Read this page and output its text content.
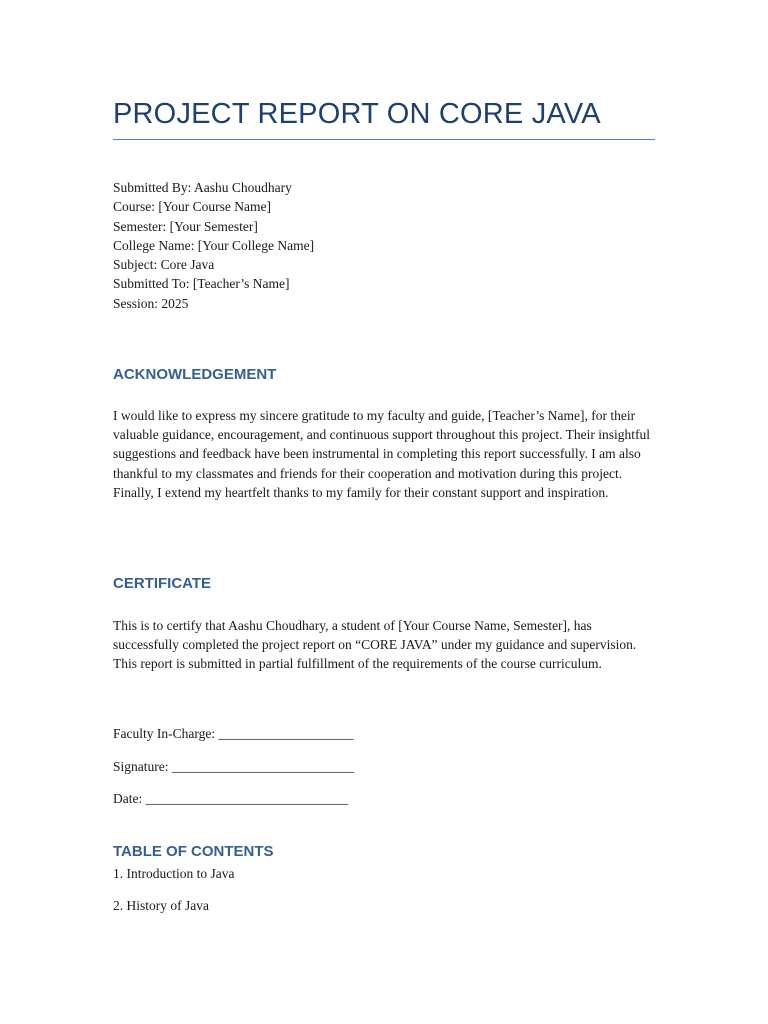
PROJECT REPORT ON CORE JAVA
Submitted By: Aashu Choudhary
Course: [Your Course Name]
Semester: [Your Semester]
College Name: [Your College Name]
Subject: Core Java
Submitted To: [Teacher’s Name]
Session: 2025
ACKNOWLEDGEMENT
I would like to express my sincere gratitude to my faculty and guide, [Teacher’s Name], for their valuable guidance, encouragement, and continuous support throughout this project. Their insightful suggestions and feedback have been instrumental in completing this report successfully. I am also thankful to my classmates and friends for their cooperation and motivation during this project. Finally, I extend my heartfelt thanks to my family for their constant support and inspiration.
CERTIFICATE
This is to certify that Aashu Choudhary, a student of [Your Course Name, Semester], has successfully completed the project report on “CORE JAVA” under my guidance and supervision. This report is submitted in partial fulfillment of the requirements of the course curriculum.
Faculty In-Charge: ____________________
Signature: ___________________________
Date: ______________________________
TABLE OF CONTENTS
1. Introduction to Java
2. History of Java
